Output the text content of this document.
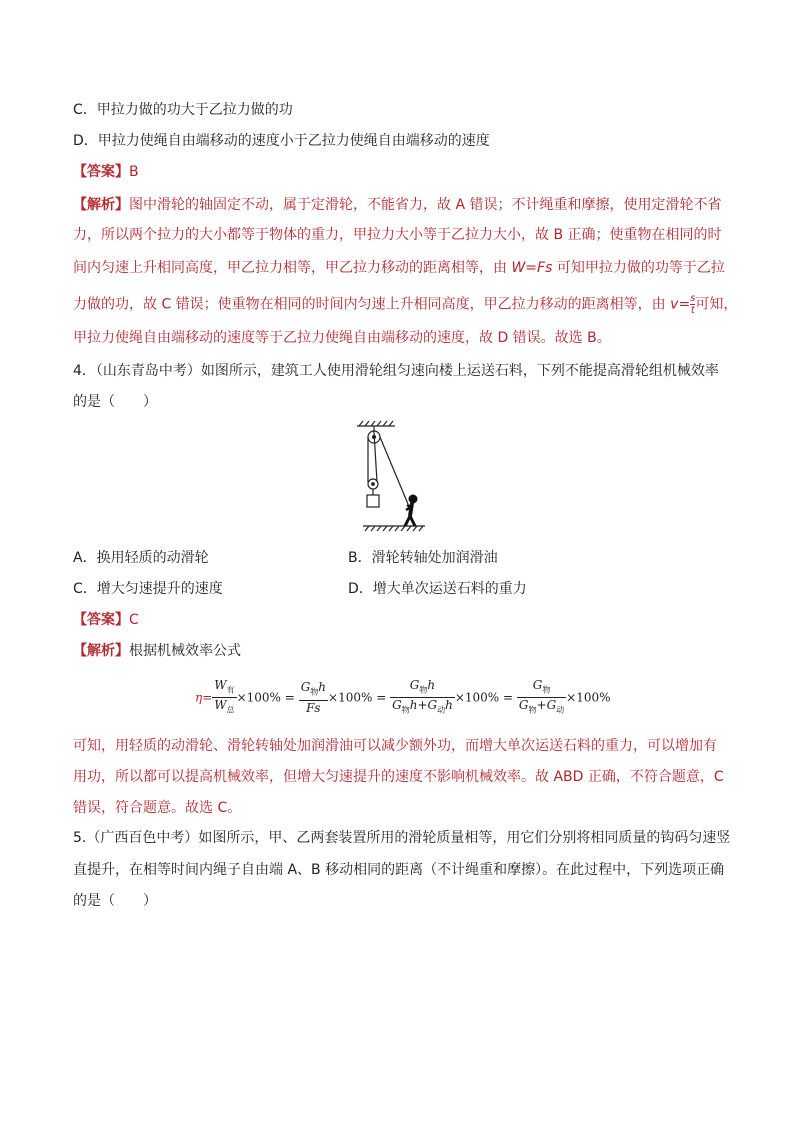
C．甲拉力做的功大于乙拉力做的功
D．甲拉力使绳自由端移动的速度小于乙拉力使绳自由端移动的速度
【答案】B
【解析】图中滑轮的轴固定不动，属于定滑轮，不能省力，故 A 错误；不计绳重和摩擦，使用定滑轮不省
力，所以两个拉力的大小都等于物体的重力，甲拉力大小等于乙拉力大小，故 B 正确；使重物在相同的时
间内匀速上升相同高度，甲乙拉力相等，甲乙拉力移动的距离相等，由 W=Fs 可知甲拉力做的功等于乙拉
力做的功，故 C 错误；使重物在相同的时间内匀速上升相同高度，甲乙拉力移动的距离相等，由 $v= \frac{s}{t}$可知，
甲拉力使绳自由端移动的速度等于乙拉力使绳自由端移动的速度，故 D 错误。故选 B。
4．（山东青岛中考）如图所示，建筑工人使用滑轮组匀速向楼上运送石料，下列不能提高滑轮组机械效率
的是（　　）
A．换用轻质的动滑轮	B．滑轮转轴处加润滑油
C．增大匀速提升的速度	D．增大单次运送石料的重力
【答案】C
【解析】根据机械效率公式
$\eta= \frac{W_有}{W_总} \times 100\% = \frac{G_物h}{Fs} \times 100\% = \frac{G_物h}{G_物h+G_动h} \times 100\% = \frac{G_物}{G_物+G_动} \times 100\%$
可知，用轻质的动滑轮、滑轮转轴处加润滑油可以减少额外功，而增大单次运送石料的重力，可以增加有
用功，所以都可以提高机械效率，但增大匀速提升的速度不影响机械效率。故 ABD 正确，不符合题意，C
错误，符合题意。故选 C。
5.（广西百色中考）如图所示，甲、乙两套装置所用的滑轮质量相等，用它们分别将相同质量的钩码匀速竖
直提升，在相等时间内绳子自由端 A、B 移动相同的距离（不计绳重和摩擦）。在此过程中，下列选项正确
的是（　　）
